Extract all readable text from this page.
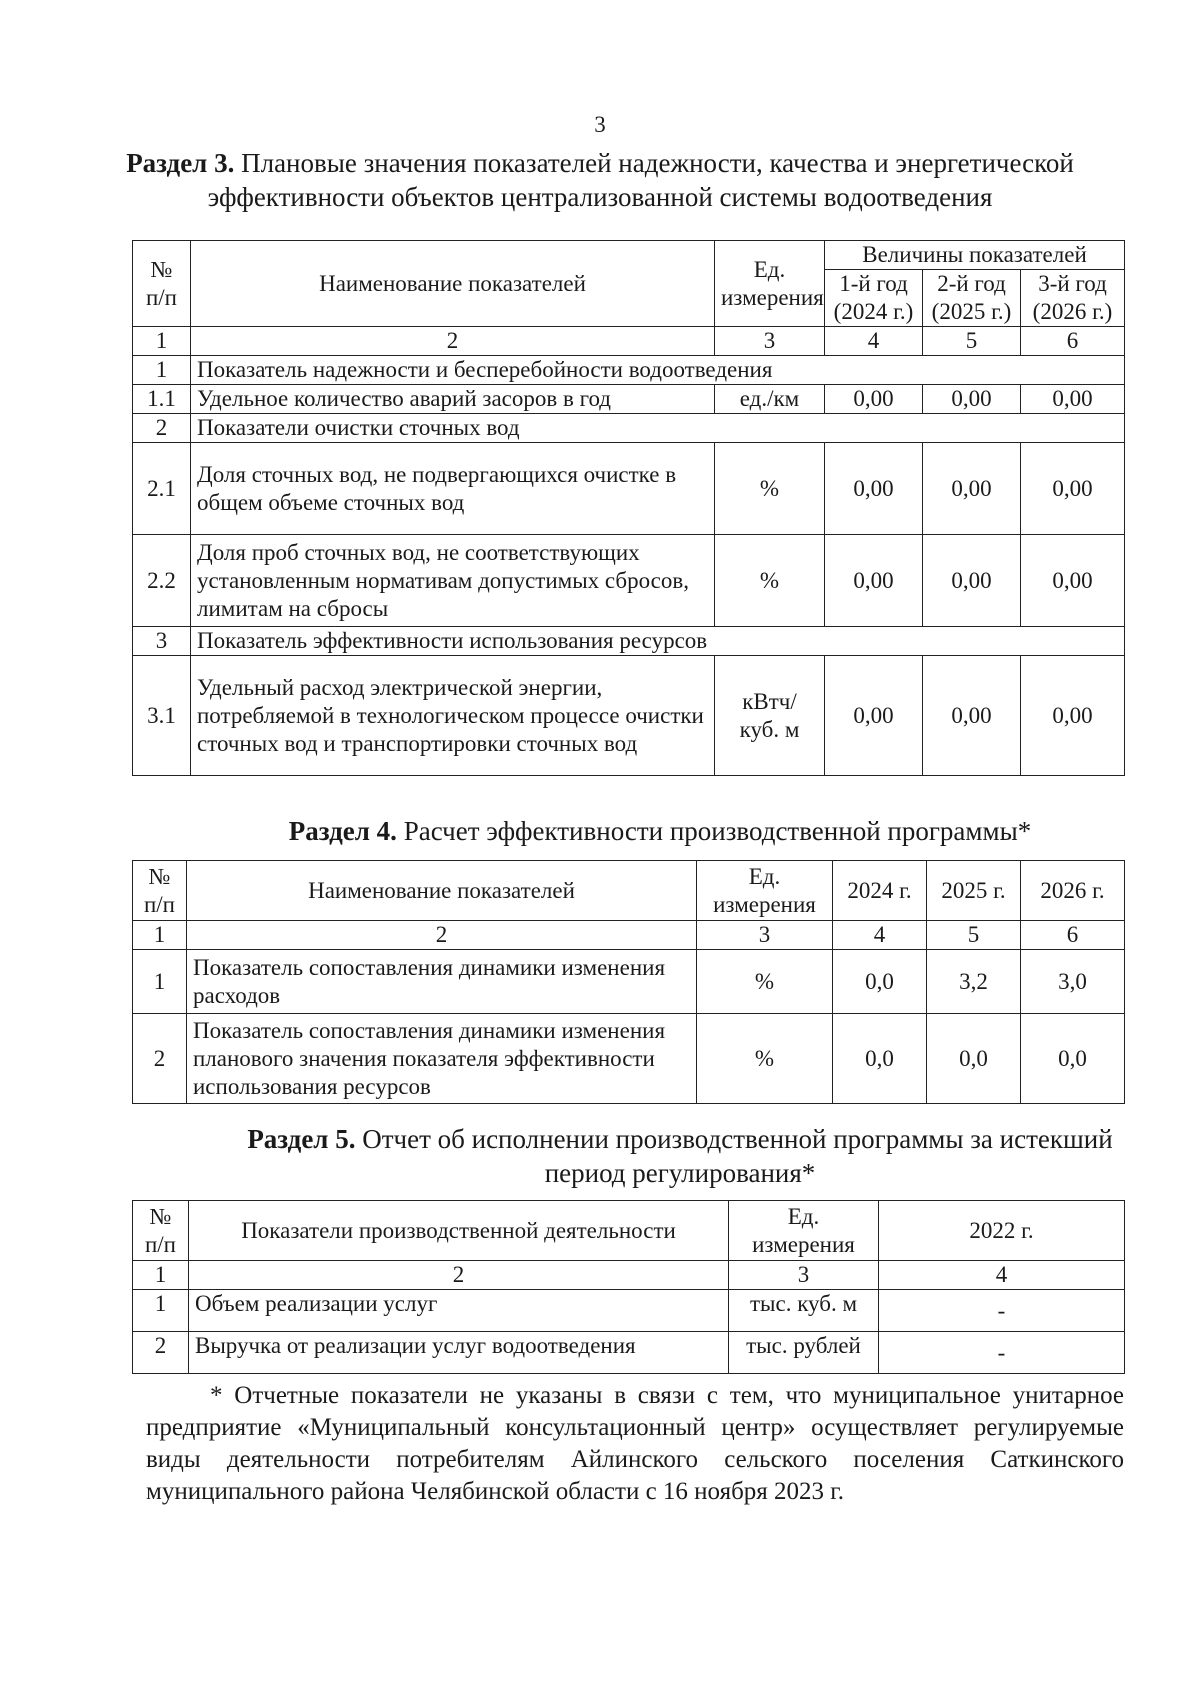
3
Раздел 3. Плановые значения показателей надежности, качества и энергетической
эффективности объектов централизованной системы водоотведения
№ п/п	Наименование показателей	Ед. измерения	Величины показателей		
			1-й год (2024 г.)	2-й год (2025 г.)	3-й год (2026 г.)

1	2	3	4	5	6
1	Показатель надежности и бесперебойности водоотведения				
1.1	Удельное количество аварий засоров в год	ед./км	0,00	0,00	0,00
2	Показатели очистки сточных вод				
2.1	Доля сточных вод, не подвергающихся очистке в общем объеме сточных вод	%	0,00	0,00	0,00
2.2	Доля проб сточных вод, не соответствующих установленным нормативам допустимых сбросов, лимитам на сбросы	%	0,00	0,00	0,00
3	Показатель эффективности использования ресурсов				
3.1	Удельный расход электрической энергии, потребляемой в технологическом процессе очистки сточных вод и транспортировки сточных вод	кВтч/ куб. м	0,00	0,00	0,00
Раздел 4. Расчет эффективности производственной программы*
№ п/п	Наименование показателей	Ед. измерения	2024 г.	2025 г.	2026 г.
1	2	3	4	5	6
1	Показатель сопоставления динамики изменения расходов	%	0,0	3,2	3,0
2	Показатель сопоставления динамики изменения планового значения показателя эффективности использования ресурсов	%	0,0	0,0	0,0
Раздел 5. Отчет об исполнении производственной программы за истекший
период регулирования*
№ п/п	Показатели производственной деятельности	Ед. измерения	2022 г.
1	2	3	4
1	Объем реализации услуг	тыс. куб. м	-
2	Выручка от реализации услуг водоотведения	тыс. рублей	-
* Отчетные показатели не указаны в связи с тем, что муниципальное унитарное предприятие «Муниципальный консультационный центр» осуществляет регулируемые виды деятельности потребителям Айлинского сельского поселения Саткинского муниципального района Челябинской области с 16 ноября 2023 г.
